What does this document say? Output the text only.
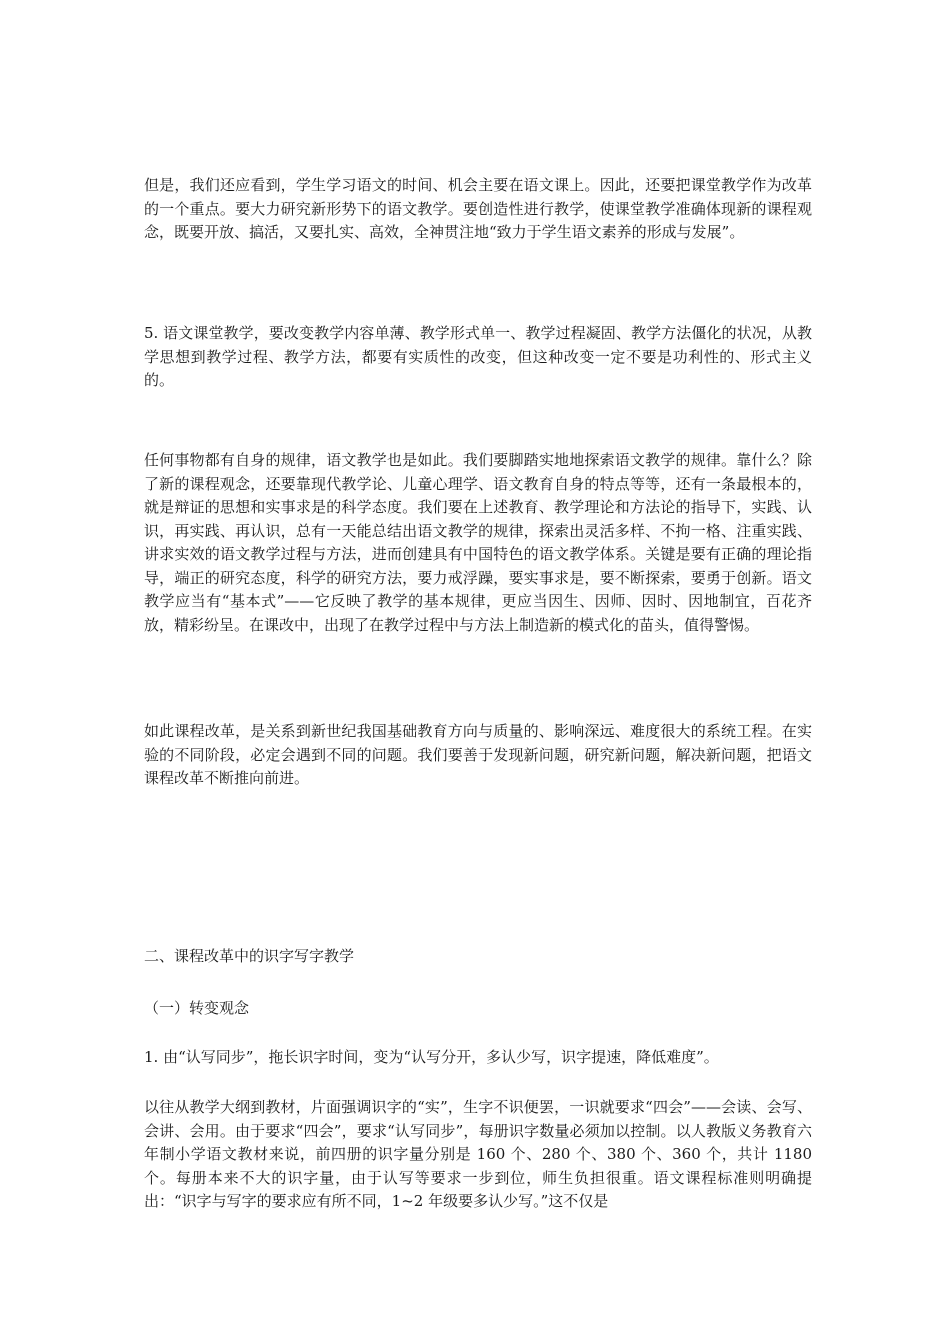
但是，我们还应看到，学生学习语文的时间、机会主要在语文课上。因此，还要把课堂教学作为改革的一个重点。要大力研究新形势下的语文教学。要创造性进行教学，使课堂教学准确体现新的课程观念，既要开放、搞活，又要扎实、高效，全神贯注地“致力于学生语文素养的形成与发展”。

5. 语文课堂教学，要改变教学内容单薄、教学形式单一、教学过程凝固、教学方法僵化的状况，从教学思想到教学过程、教学方法，都要有实质性的改变，但这种改变一定不要是功利性的、形式主义的。

任何事物都有自身的规律，语文教学也是如此。我们要脚踏实地地探索语文教学的规律。靠什么？除了新的课程观念，还要靠现代教学论、儿童心理学、语文教育自身的特点等等，还有一条最根本的，就是辩证的思想和实事求是的科学态度。我们要在上述教育、教学理论和方法论的指导下，实践、认识，再实践、再认识，总有一天能总结出语文教学的规律，探索出灵活多样、不拘一格、注重实践、讲求实效的语文教学过程与方法，进而创建具有中国特色的语文教学体系。关键是要有正确的理论指导，端正的研究态度，科学的研究方法，要力戒浮躁，要实事求是，要不断探索，要勇于创新。语文教学应当有“基本式”——它反映了教学的基本规律，更应当因生、因师、因时、因地制宜，百花齐放，精彩纷呈。在课改中，出现了在教学过程中与方法上制造新的模式化的苗头，值得警惕。

如此课程改革，是关系到新世纪我国基础教育方向与质量的、影响深远、难度很大的系统工程。在实验的不同阶段，必定会遇到不同的问题。我们要善于发现新问题，研究新问题，解决新问题，把语文课程改革不断推向前进。

二、课程改革中的识字写字教学

（一）转变观念

1. 由“认写同步”，拖长识字时间，变为“认写分开，多认少写，识字提速，降低难度”。

以往从教学大纲到教材，片面强调识字的“实”，生字不识便罢，一识就要求“四会”——会读、会写、会讲、会用。由于要求“四会”，要求“认写同步”，每册识字数量必须加以控制。以人教版义务教育六年制小学语文教材来说，前四册的识字量分别是 160 个、280 个、380 个、360 个，共计 1180 个。每册本来不大的识字量，由于认写等要求一步到位，师生负担很重。语文课程标准则明确提出：“识字与写字的要求应有所不同，1~2 年级要多认少写。”这不仅是
